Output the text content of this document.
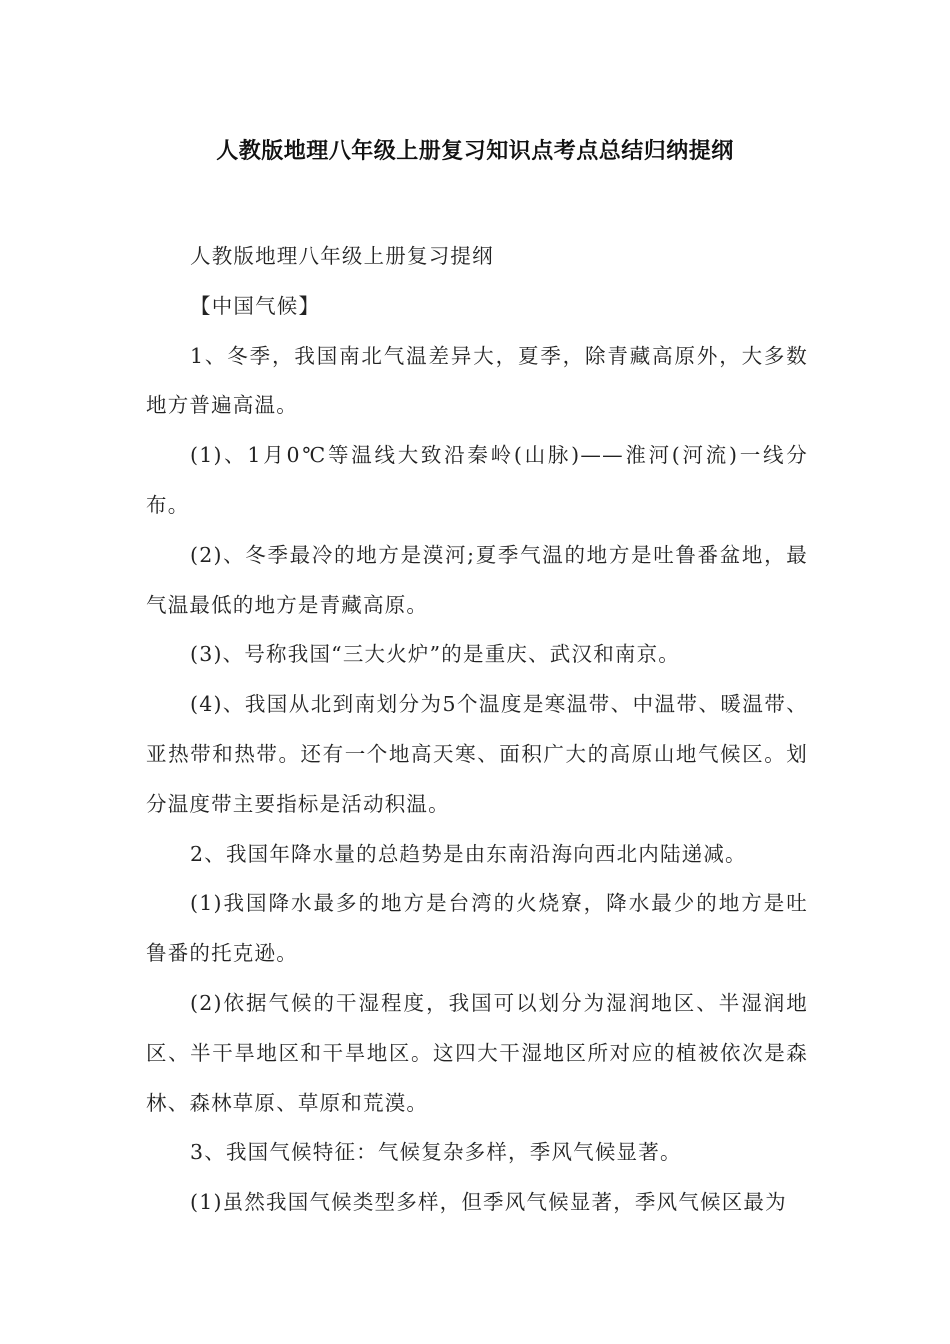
人教版地理八年级上册复习知识点考点总结归纳提纲

人教版地理八年级上册复习提纲

【中国气候】

1、冬季，我国南北气温差异大，夏季，除青藏高原外，大多数地方普遍高温。

(1)、1月0℃等温线大致沿秦岭(山脉)——淮河(河流)一线分布。

(2)、冬季最冷的地方是漠河;夏季气温的地方是吐鲁番盆地，最气温最低的地方是青藏高原。

(3)、号称我国“三大火炉”的是重庆、武汉和南京。

(4)、我国从北到南划分为5个温度是寒温带、中温带、暖温带、亚热带和热带。还有一个地高天寒、面积广大的高原山地气候区。划分温度带主要指标是活动积温。

2、我国年降水量的总趋势是由东南沿海向西北内陆递减。

(1)我国降水最多的地方是台湾的火烧寮，降水最少的地方是吐鲁番的托克逊。

(2)依据气候的干湿程度，我国可以划分为湿润地区、半湿润地区、半干旱地区和干旱地区。这四大干湿地区所对应的植被依次是森林、森林草原、草原和荒漠。

3、我国气候特征：气候复杂多样，季风气候显著。

(1)虽然我国气候类型多样，但季风气候显著，季风气候区最为
